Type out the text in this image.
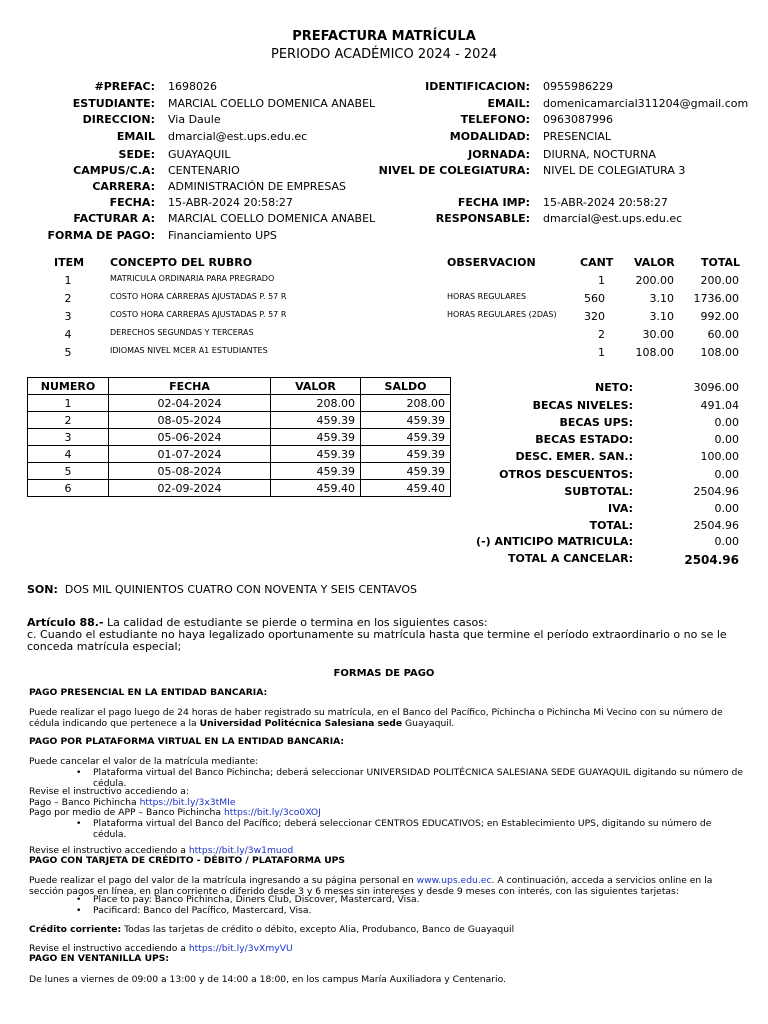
PREFACTURA MATRÍCULA
PERIODO ACADÉMICO 2024 - 2024
#PREFAC: 1698026
ESTUDIANTE: MARCIAL COELLO DOMENICA ANABEL
DIRECCION: Via Daule
EMAIL dmarcial@est.ups.edu.ec
SEDE: GUAYAQUIL
CAMPUS/C.A: CENTENARIO
CARRERA: ADMINISTRACIÓN DE EMPRESAS
FECHA: 15-ABR-2024 20:58:27
FACTURAR A: MARCIAL COELLO DOMENICA ANABEL
FORMA DE PAGO: Financiamiento UPS
IDENTIFICACION: 0955986229
EMAIL: domenicamarcial311204@gmail.com
TELEFONO: 0963087996
MODALIDAD: PRESENCIAL
JORNADA: DIURNA, NOCTURNA
NIVEL DE COLEGIATURA: NIVEL DE COLEGIATURA 3
FECHA IMP: 15-ABR-2024 20:58:27
RESPONSABLE: dmarcial@est.ups.edu.ec
ITEM CONCEPTO DEL RUBRO	OBSERVACION	CANT VALOR TOTAL
1	MATRICULA ORDINARIA PARA PREGRADO	1	200.00	200.00
2	COSTO HORA CARRERAS AJUSTADAS P. 57 R	HORAS REGULARES	560	3.10	1736.00
3	COSTO HORA CARRERAS AJUSTADAS P. 57 R	HORAS REGULARES (2DAS)	320	3.10	992.00
4	DERECHOS SEGUNDAS Y TERCERAS	2	30.00	60.00
5	IDIOMAS NIVEL MCER A1 ESTUDIANTES	1	108.00	108.00
NUMERO	FECHA	VALOR	SALDO
1	02-04-2024	208.00	208.00
2	08-05-2024	459.39	459.39
3	05-06-2024	459.39	459.39
4	01-07-2024	459.39	459.39
5	05-08-2024	459.39	459.39
6	02-09-2024	459.40	459.40
NETO:	3096.00
BECAS NIVELES:	491.04
BECAS UPS:	0.00
BECAS ESTADO:	0.00
DESC. EMER. SAN.:	100.00
OTROS DESCUENTOS:	0.00
SUBTOTAL:	2504.96
IVA:	0.00
TOTAL:	2504.96
(-) ANTICIPO MATRICULA:	0.00
TOTAL A CANCELAR:	2504.96
SON: DOS MIL QUINIENTOS CUATRO CON NOVENTA Y SEIS CENTAVOS
Artículo 88.- La calidad de estudiante se pierde o termina en los siguientes casos:
c. Cuando el estudiante no haya legalizado oportunamente su matrícula hasta que termine el período extraordinario o no se le conceda matrícula especial;
FORMAS DE PAGO
PAGO PRESENCIAL EN LA ENTIDAD BANCARIA:
Puede realizar el pago luego de 24 horas de haber registrado su matrícula, en el Banco del Pacífico, Pichincha o Pichincha Mi Vecino con su número de cédula indicando que pertenece a la Universidad Politécnica Salesiana sede Guayaquil.
PAGO POR PLATAFORMA VIRTUAL EN LA ENTIDAD BANCARIA:
Puede cancelar el valor de la matrícula mediante:
• Plataforma virtual del Banco Pichincha; deberá seleccionar UNIVERSIDAD POLITÉCNICA SALESIANA SEDE GUAYAQUIL digitando su número de cédula.
Revise el instructivo accediendo a:
Pago – Banco Pichincha https://bit.ly/3x3tMIe
Pago por medio de APP – Banco Pichincha https://bit.ly/3co0XOJ
• Plataforma virtual del Banco del Pacífico; deberá seleccionar CENTROS EDUCATIVOS; en Establecimiento UPS, digitando su número de cédula.
Revise el instructivo accediendo a https://bit.ly/3w1muod
PAGO CON TARJETA DE CRÉDITO - DÉBITO / PLATAFORMA UPS
Puede realizar el pago del valor de la matrícula ingresando a su página personal en www.ups.edu.ec. A continuación, acceda a servicios online en la sección pagos en línea, en plan corriente o diferido desde 3 y 6 meses sin intereses y desde 9 meses con interés, con las siguientes tarjetas:
• Place to pay: Banco Pichincha, Diners Club, Discover, Mastercard, Visa.
• Pacificard: Banco del Pacífico, Mastercard, Visa.
Crédito corriente: Todas las tarjetas de crédito o débito, excepto Alia, Produbanco, Banco de Guayaquil
Revise el instructivo accediendo a https://bit.ly/3vXmyVU
PAGO EN VENTANILLA UPS:
De lunes a viernes de 09:00 a 13:00 y de 14:00 a 18:00, en los campus María Auxiliadora y Centenario.
